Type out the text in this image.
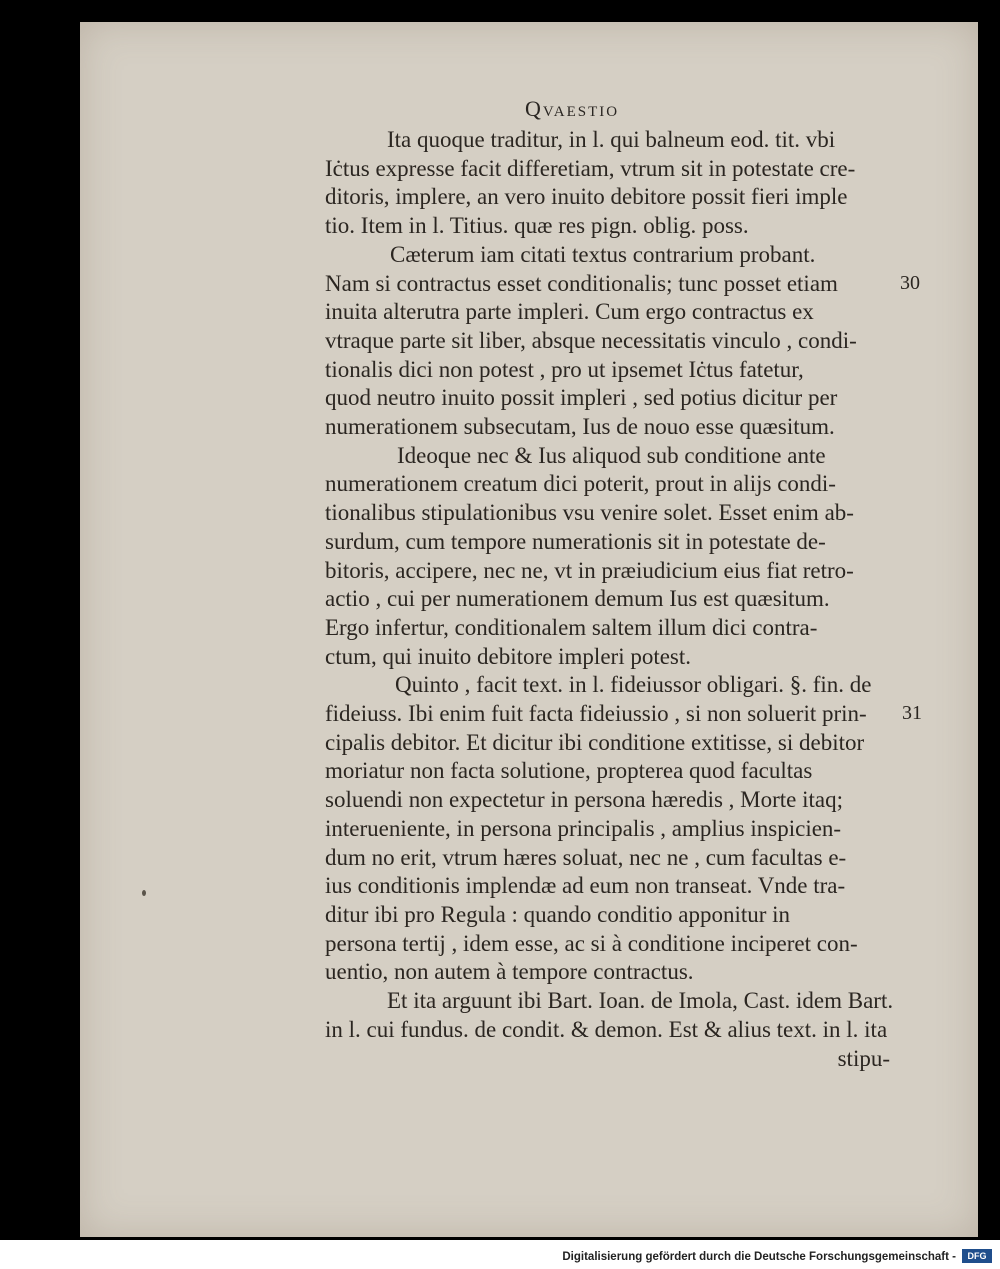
Qvaestio
30
31
Ita quoque traditur, in l. qui balneum eod. tit. vbi
Iċtus expresse facit differetiam, vtrum sit in potestate cre-
ditoris, implere, an vero inuito debitore possit fieri imple
tio. Item in l. Titius. quæ res pign. oblig. poss.
Cæterum iam citati textus contrarium probant.
Nam si contractus esset conditionalis; tunc posset etiam
inuita alterutra parte impleri. Cum ergo contractus ex
vtraque parte sit liber, absque necessitatis vinculo , condi-
tionalis dici non potest , pro ut ipsemet Iċtus fatetur,
quod neutro inuito possit impleri , sed potius dicitur per
numerationem subsecutam, Ius de nouo esse quæsitum.
Ideoque nec & Ius aliquod sub conditione ante
numerationem creatum dici poterit, prout in alijs condi-
tionalibus stipulationibus vsu venire solet. Esset enim ab-
surdum, cum tempore numerationis sit in potestate de-
bitoris, accipere, nec ne, vt in præiudicium eius fiat retro-
actio , cui per numerationem demum Ius est quæsitum.
Ergo infertur, conditionalem saltem illum dici contra-
ctum, qui inuito debitore impleri potest.
Quinto , facit text. in l. fideiussor obligari. §. fin. de
fideiuss. Ibi enim fuit facta fideiussio , si non soluerit prin-
cipalis debitor. Et dicitur ibi conditione extitisse, si debitor
moriatur non facta solutione, propterea quod facultas
soluendi non expectetur in persona hæredis , Morte itaq;
interueniente, in persona principalis , amplius inspicien-
dum no erit, vtrum hæres soluat, nec ne , cum facultas e-
ius conditionis implendæ ad eum non transeat. Vnde tra-
ditur ibi pro Regula : quando conditio apponitur in
persona tertij , idem esse, ac si à conditione inciperet con-
uentio, non autem à tempore contractus.
Et ita arguunt ibi Bart. Ioan. de Imola, Cast. idem Bart.
in l. cui fundus. de condit. & demon. Est & alius text. in l. ita
stipu-
Digitalisierung gefördert durch die Deutsche Forschungsgemeinschaft -	DFG
